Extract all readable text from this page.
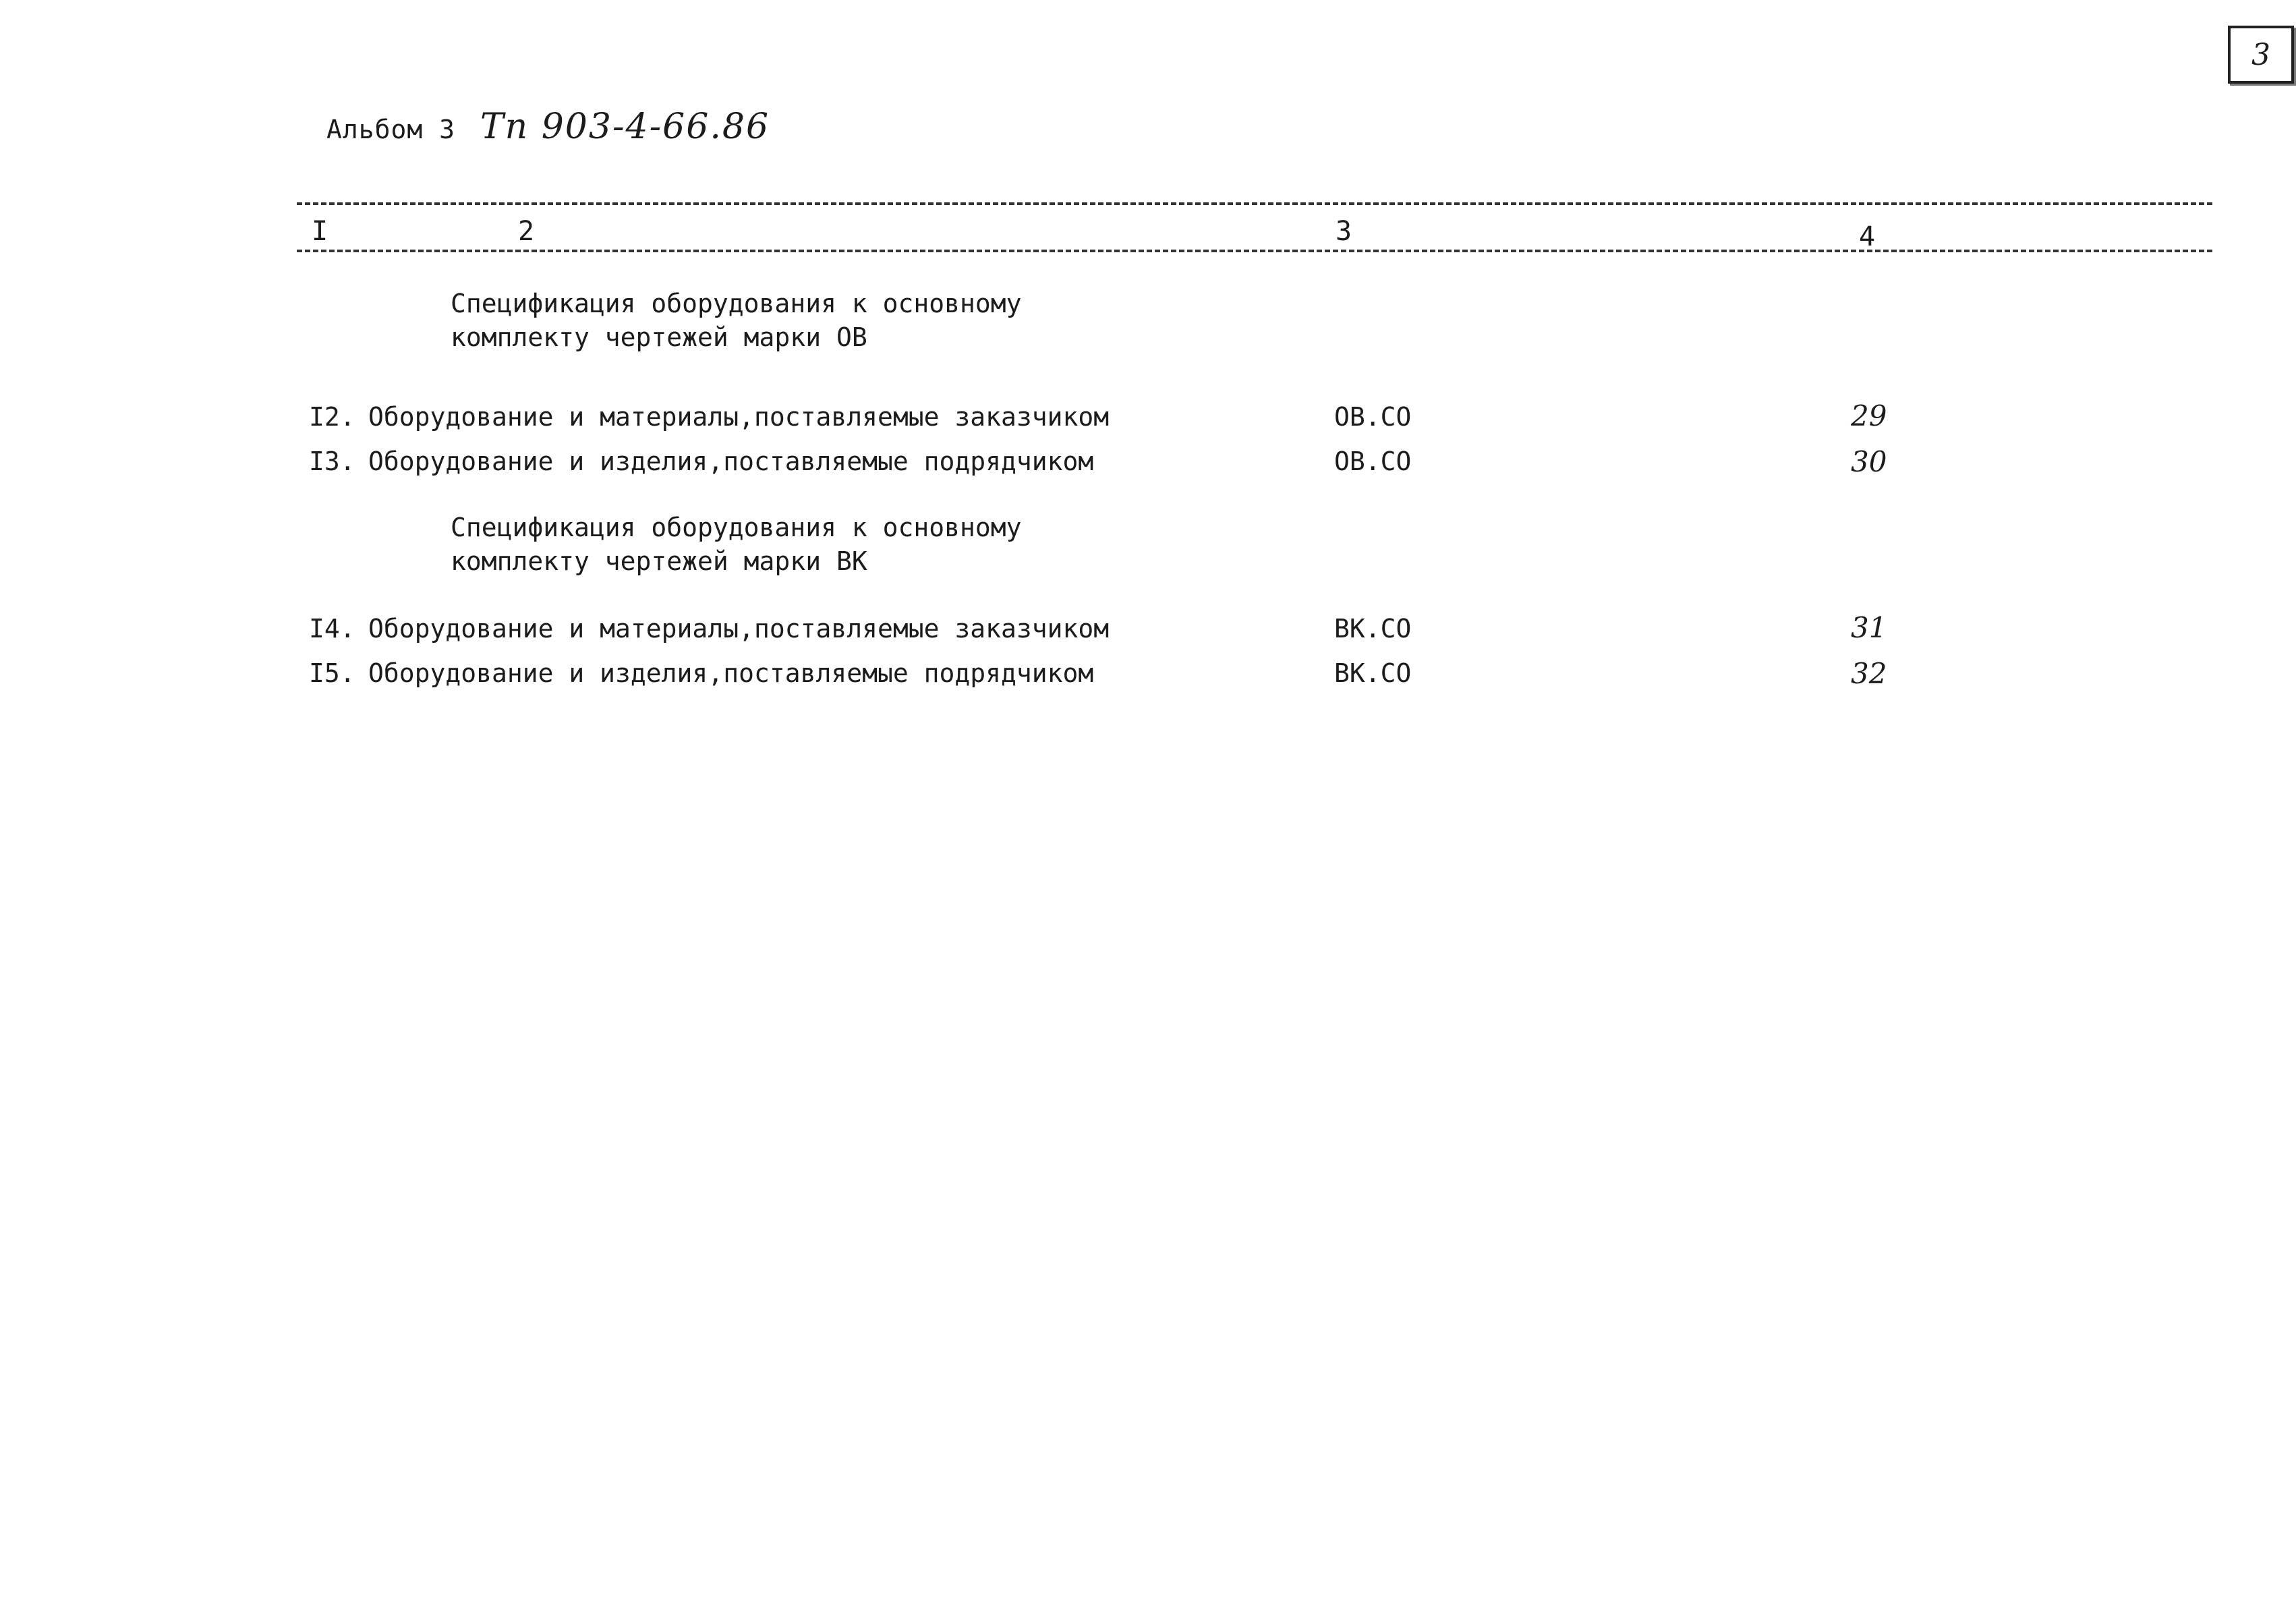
3
Альбом 3 Тп 903-4-66.86
I	2	3	4
Спецификация оборудования к основному
комплекту чертежей марки ОВ
I2. Оборудование и материалы,поставляемые заказчиком	ОВ.СО	29
I3. Оборудование и изделия,поставляемые подрядчиком	ОВ.СО	30
Спецификация оборудования к основному
комплекту чертежей марки ВК
I4. Оборудование и материалы,поставляемые заказчиком	ВК.СО	31
I5. Оборудование и изделия,поставляемые подрядчиком	ВК.СО	32
